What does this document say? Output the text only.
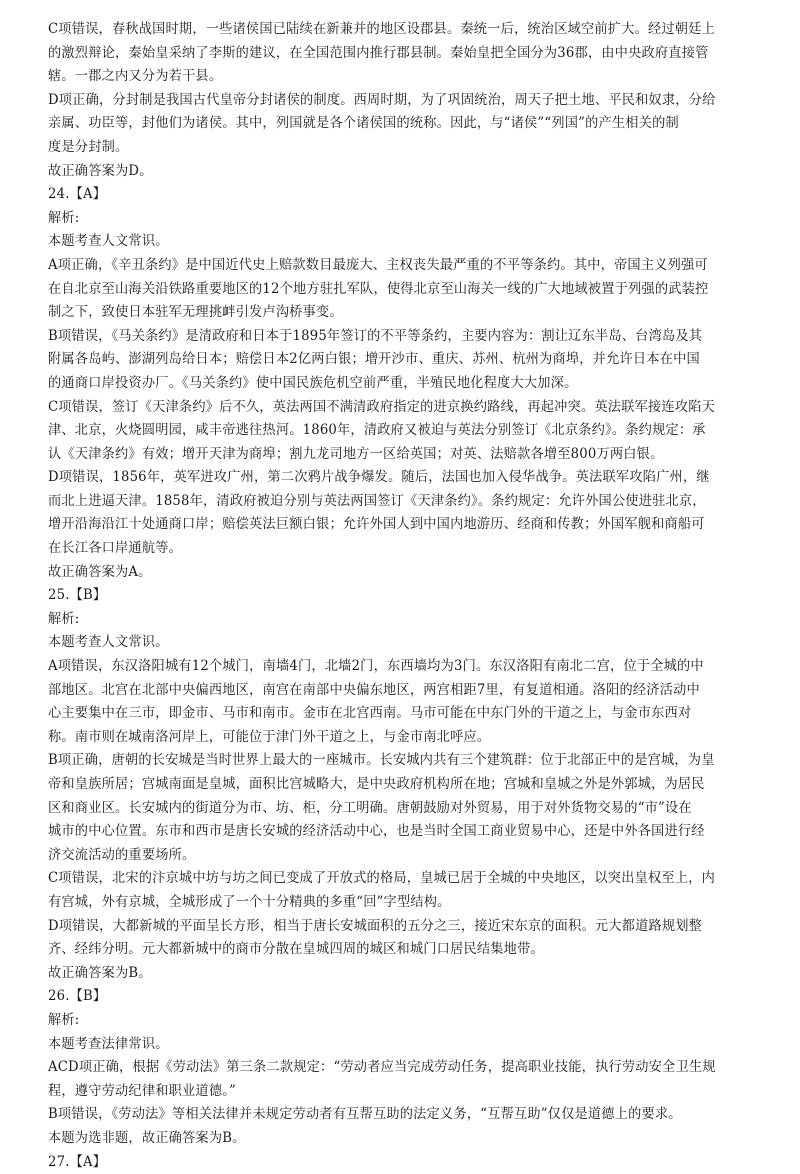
C项错误，春秋战国时期，一些诸侯国已陆续在新兼并的地区设郡县。秦统一后，统治区域空前扩大。经过朝廷上
的激烈辩论，秦始皇采纳了李斯的建议，在全国范围内推行郡县制。秦始皇把全国分为36郡，由中央政府直接管
辖。一郡之内又分为若干县。
D项正确，分封制是我国古代皇帝分封诸侯的制度。西周时期，为了巩固统治，周天子把土地、平民和奴隶，分给
亲属、功臣等，封他们为诸侯。其中，列国就是各个诸侯国的统称。因此，与“诸侯”“列国”的产生相关的制
度是分封制。
故正确答案为D。
24.【A】
解析:
本题考查人文常识。
A项正确，《辛丑条约》是中国近代史上赔款数目最庞大、主权丧失最严重的不平等条约。其中，帝国主义列强可
在自北京至山海关沿铁路重要地区的12个地方驻扎军队，使得北京至山海关一线的广大地域被置于列强的武装控
制之下，致使日本驻军无理挑衅引发卢沟桥事变。
B项错误，《马关条约》是清政府和日本于1895年签订的不平等条约，主要内容为：割让辽东半岛、台湾岛及其
附属各岛屿、澎湖列岛给日本；赔偿日本2亿两白银；增开沙市、重庆、苏州、杭州为商埠，并允许日本在中国
的通商口岸投资办厂。《马关条约》使中国民族危机空前严重，半殖民地化程度大大加深。
C项错误，签订《天津条约》后不久，英法两国不满清政府指定的进京换约路线，再起冲突。英法联军接连攻陷天
津、北京，火烧圆明园，咸丰帝逃往热河。1860年，清政府又被迫与英法分别签订《北京条约》。条约规定：承
认《天津条约》有效；增开天津为商埠；割九龙司地方一区给英国；对英、法赔款各增至800万两白银。
D项错误，1856年，英军进攻广州，第二次鸦片战争爆发。随后，法国也加入侵华战争。英法联军攻陷广州，继
而北上进逼天津。1858年，清政府被迫分别与英法两国签订《天津条约》。条约规定：允许外国公使进驻北京，
增开沿海沿江十处通商口岸；赔偿英法巨额白银；允许外国人到中国内地游历、经商和传教；外国军舰和商船可
在长江各口岸通航等。
故正确答案为A。
25.【B】
解析:
本题考查人文常识。
A项错误，东汉洛阳城有12个城门，南墙4门，北墙2门，东西墙均为3门。东汉洛阳有南北二宫，位于全城的中
部地区。北宫在北部中央偏西地区，南宫在南部中央偏东地区，两宫相距7里，有复道相通。洛阳的经济活动中
心主要集中在三市，即金市、马市和南市。金市在北宫西南。马市可能在中东门外的干道之上，与金市东西对
称。南市则在城南洛河岸上，可能位于津门外干道之上，与金市南北呼应。
B项正确，唐朝的长安城是当时世界上最大的一座城市。长安城内共有三个建筑群：位于北部正中的是宫城，为皇
帝和皇族所居；宫城南面是皇城，面积比宫城略大，是中央政府机构所在地；宫城和皇城之外是外郭城，为居民
区和商业区。长安城内的街道分为市、坊、柜，分工明确。唐朝鼓励对外贸易，用于对外货物交易的“市”设在
城市的中心位置。东市和西市是唐长安城的经济活动中心，也是当时全国工商业贸易中心，还是中外各国进行经
济交流活动的重要场所。
C项错误，北宋的汴京城中坊与坊之间已变成了开放式的格局，皇城已居于全城的中央地区，以突出皇权至上，内
有宫城，外有京城，全城形成了一个十分精典的多重“回”字型结构。
D项错误，大都新城的平面呈长方形，相当于唐长安城面积的五分之三，接近宋东京的面积。元大都道路规划整
齐、经纬分明。元大都新城中的商市分散在皇城四周的城区和城门口居民结集地带。
故正确答案为B。
26.【B】
解析:
本题考查法律常识。
ACD项正确，根据《劳动法》第三条二款规定：“劳动者应当完成劳动任务，提高职业技能，执行劳动安全卫生规
程，遵守劳动纪律和职业道德。”
B项错误，《劳动法》等相关法律并未规定劳动者有互帮互助的法定义务，“互帮互助”仅仅是道德上的要求。
本题为选非题，故正确答案为B。
27.【A】
